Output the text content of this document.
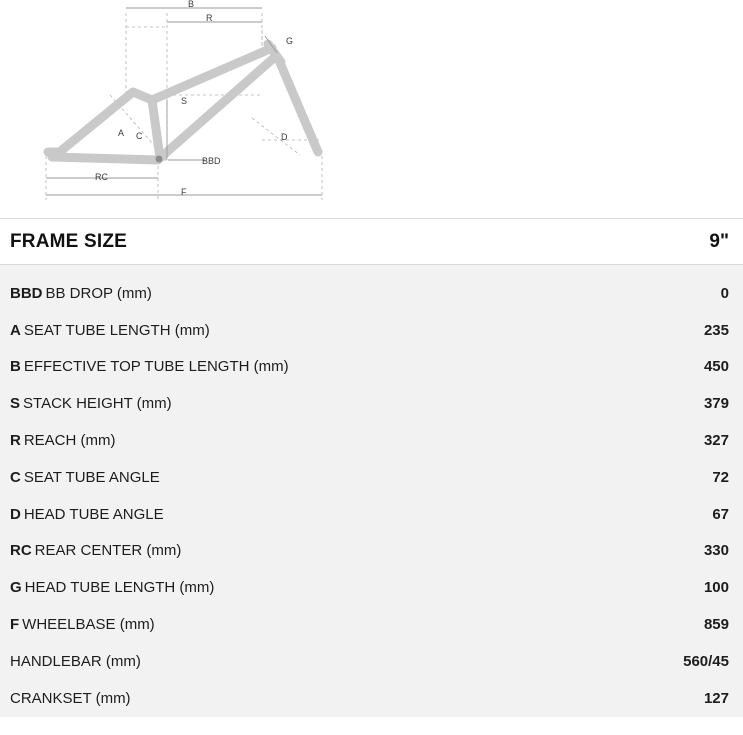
B
R
G
S
A C	D
BBD
RC
F
FRAME SIZE	9"
BBD BB DROP (mm)	0
A SEAT TUBE LENGTH (mm)	235
B EFFECTIVE TOP TUBE LENGTH (mm)	450
S STACK HEIGHT (mm)	379
R REACH (mm)	327
C SEAT TUBE ANGLE	72
D HEAD TUBE ANGLE	67
RC REAR CENTER (mm)	330
G HEAD TUBE LENGTH (mm)	100
F WHEELBASE (mm)	859
HANDLEBAR (mm)	560/45
CRANKSET (mm)	127
